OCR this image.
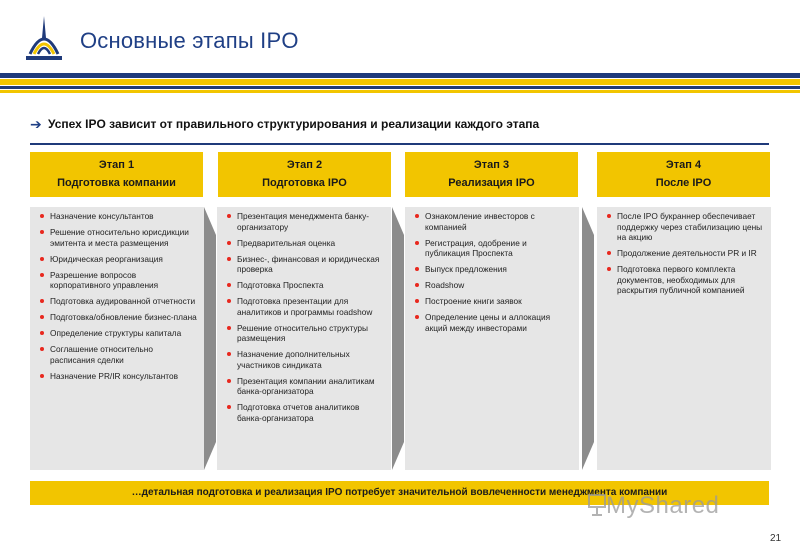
Основные этапы IPO
➔ Успех IPO зависит от правильного структурирования и реализации каждого этапа
Этап 1
Подготовка компании
Этап 2
Подготовка IPO
Этап 3
Реализация IPO
Этап 4
После IPO
Назначение консультантов
Решение относительно юрисдикции эмитента и места размещения
Юридическая реорганизация
Разрешение вопросов корпоративного управления
Подготовка аудированной отчетности
Подготовка/обновление бизнес-плана
Определение структуры капитала
Соглашение относительно расписания сделки
Назначение PR/IR консультантов
Презентация менеджмента банку-организатору
Предварительная оценка
Бизнес-, финансовая и юридическая проверка
Подготовка Проспекта
Подготовка презентации для аналитиков и программы roadshow
Решение относительно структуры размещения
Назначение дополнительных участников синдиката
Презентация компании аналитикам банка-организатора
Подготовка отчетов аналитиков банка-организатора
Ознакомление инвесторов с компанией
Регистрация, одобрение и публикация Проспекта
Выпуск предложения
Roadshow
Построение книги заявок
Определение цены и аллокация акций между инвесторами
После IPO букраннер обеспечивает поддержку через стабилизацию цены на акцию
Продолжение деятельности PR и IR
Подготовка первого комплекта документов, необходимых для раскрытия публичной компанией
…детальная подготовка и реализация IPO потребует значительной вовлеченности менеджмента компании
MyShared
21
